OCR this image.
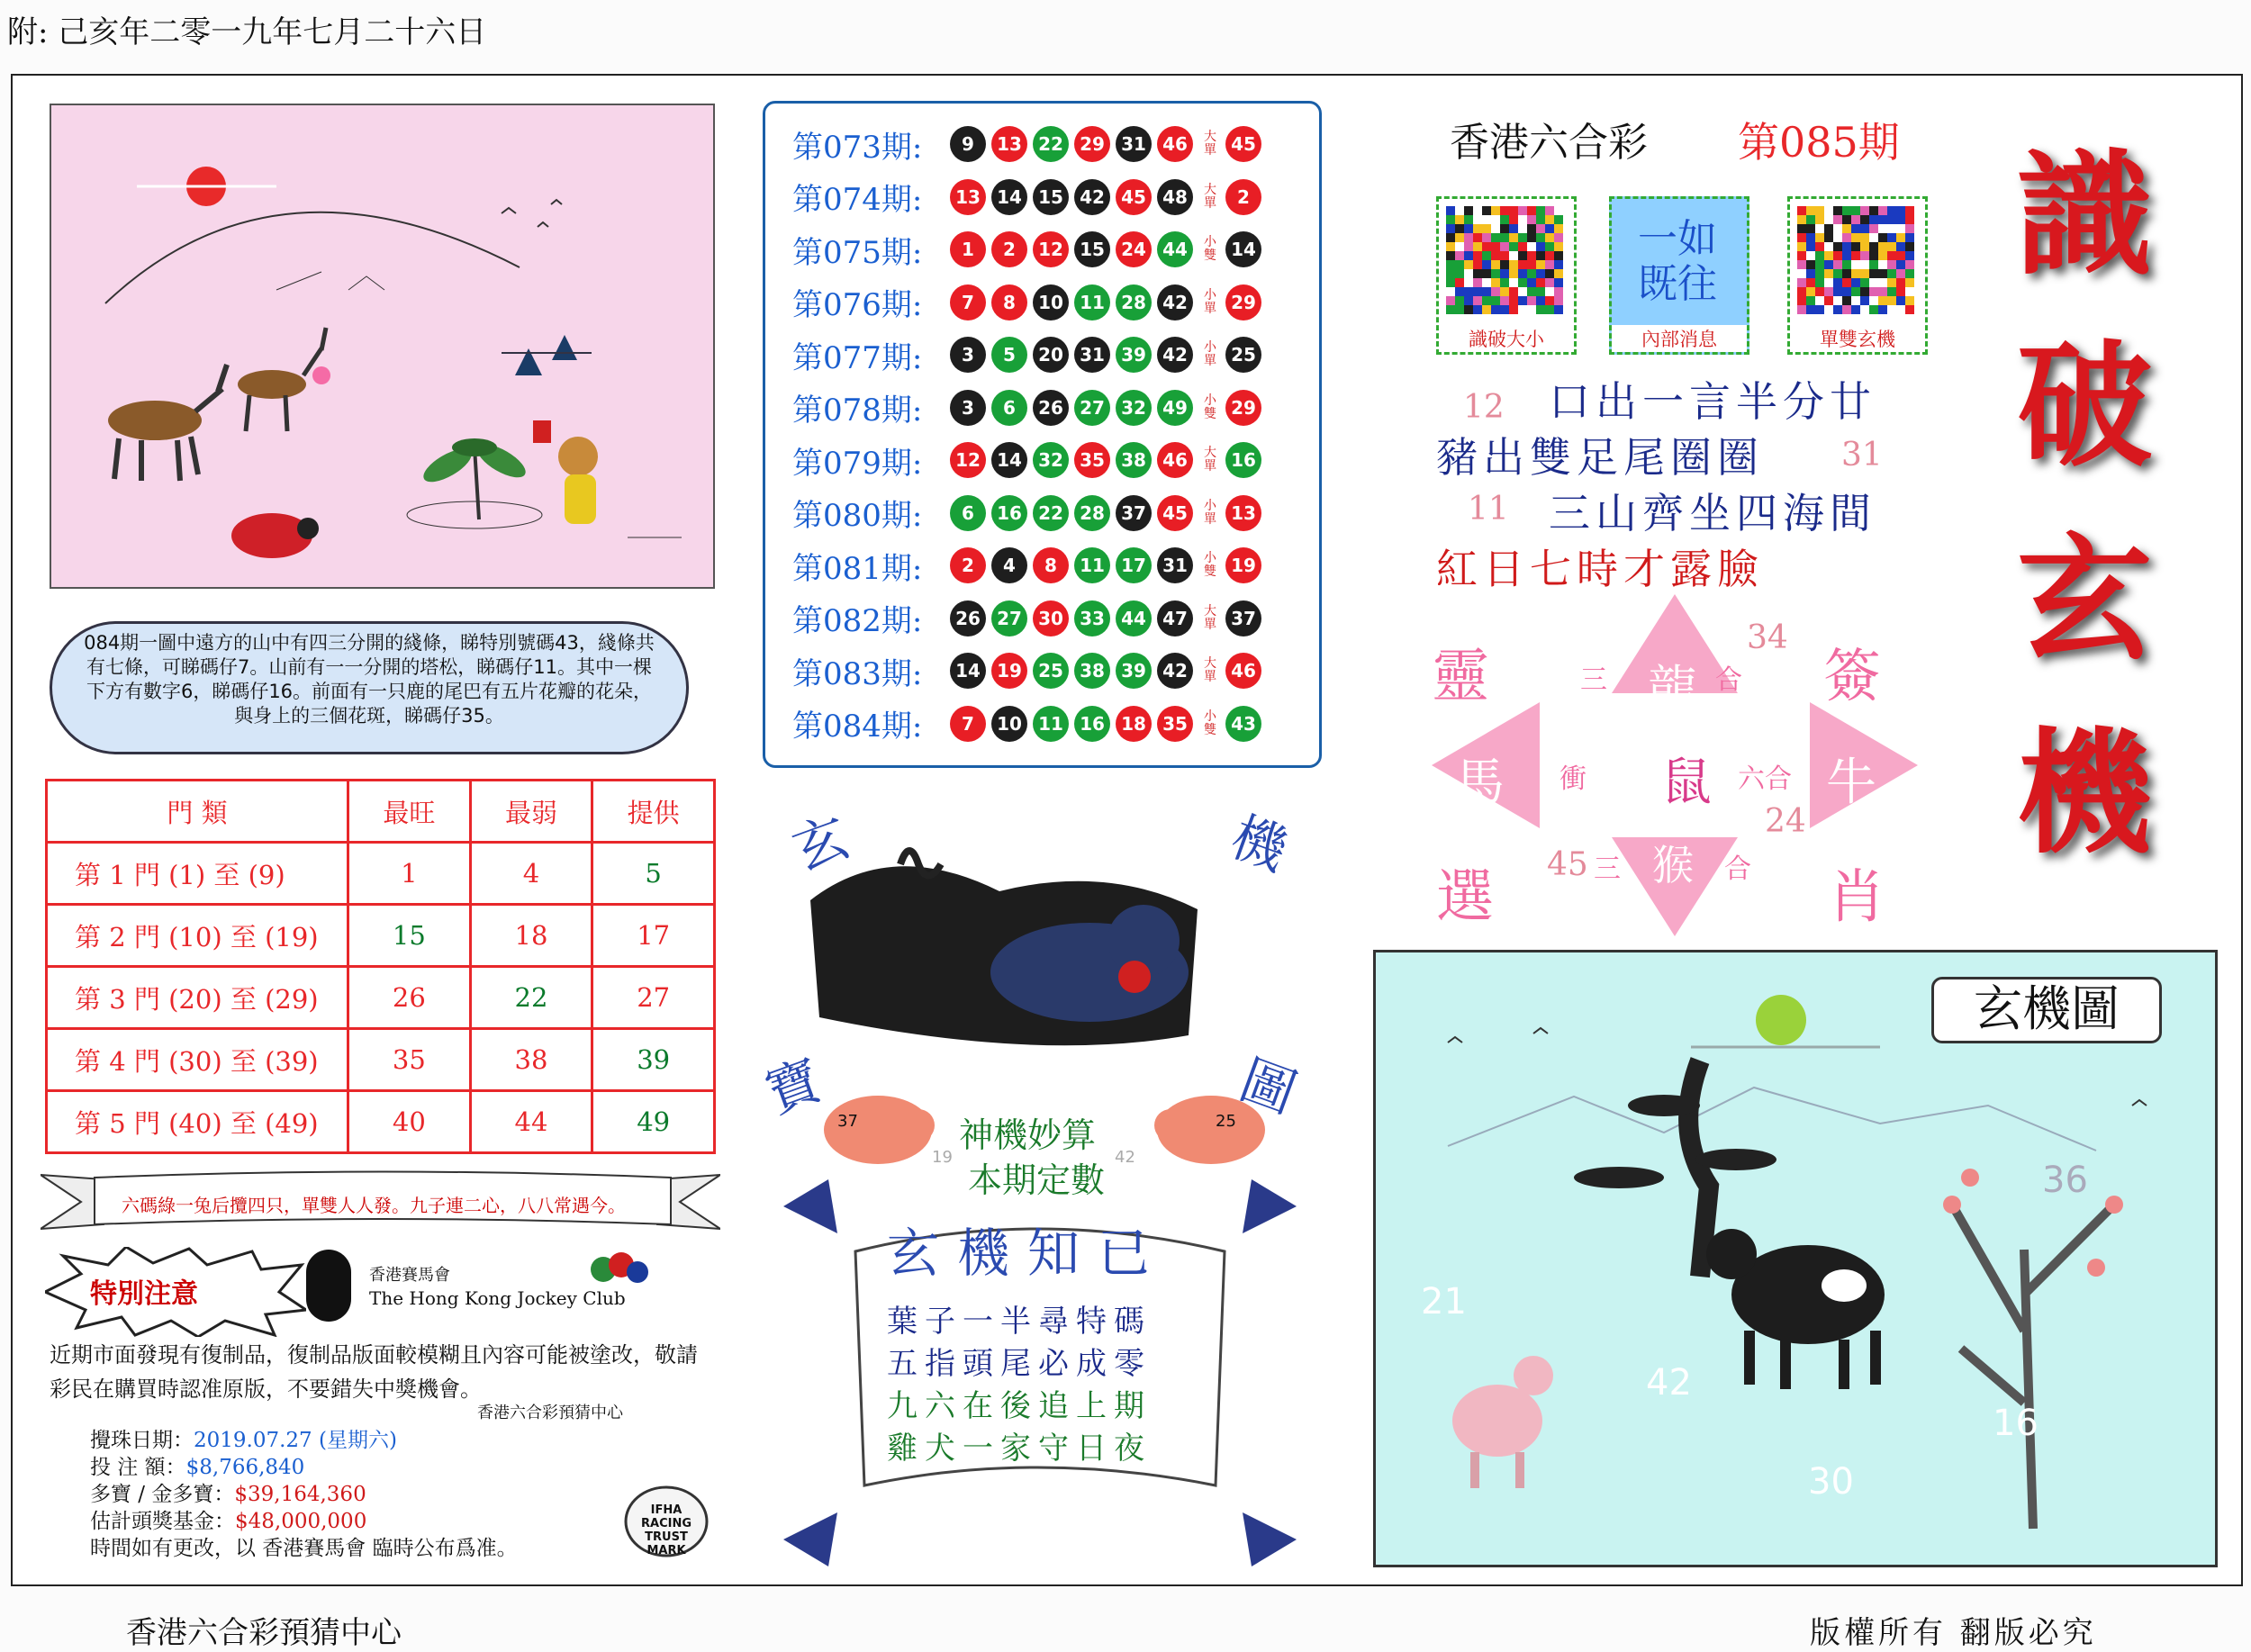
附: 己亥年二零一九年七月二十六日
084期一圖中遠方的山中有四三分開的綫條，睇特別號碼43，綫條共有七條，可睇碼仔7。山前有一一分開的塔松，睇碼仔11。其中一棵下方有數字6，睇碼仔16。前面有一只鹿的尾巴有五片花瓣的花朵，與身上的三個花斑，睇碼仔35。
門 類	最旺	最弱	提供
第 1 門 (1) 至 (9)	1	4	5
第 2 門 (10) 至 (19)	15	18	17
第 3 門 (20) 至 (29)	26	22	27
第 4 門 (30) 至 (39)	35	38	39
第 5 門 (40) 至 (49)	40	44	49
六碼綠一兔后攬四只，單雙人人發。九子連二心，八八常遇今。
特別注意
香港賽馬會
The Hong Kong Jockey Club
近期市面發現有復制品，復制品版面較模糊且內容可能被塗改，敬請彩民在購買時認准原版，不要錯失中獎機會。
香港六合彩預猜中心
攪珠日期：2019.07.27 (星期六)
投 注 額：$8,766,840
多寶 / 金多寶：$39,164,360
估計頭獎基金：$48,000,000
時間如有更改，以 香港賽馬會 臨時公布爲准。
IFHA RACING TRUST MARK
第073期:	9	13 22 29 31 46	大單 45
第074期:	13 14 15 42 45 48	大單	2
第075期:	1	2	12 15 24 44	小雙 14
第076期:	7	8	10 11 28 42	小單 29
第077期:	3	5	20 31 39 42	小單 25
第078期:	3	6	26 27 32 49	小雙 29
第079期:	12 14 32 35 38 46	大單 16
第080期:	6	16 22 28 37 45	小單 13
第081期:	2	4	8	11 17 31	小雙 19
第082期:	26 27 30 33 44 47	大單 37
第083期:	14 19 25 38 39 42	大單 46
第084期:	7	10 11 16 18 35	小雙 43
香港六合彩 第085期
識破大小
一如既往
內部消息	單雙玄機
口出一言半分廿
豬出雙足尾圈圈
三山齊坐四海間
紅日七時才露臉
12
31
11
識
破
玄
機
龍
鼠
馬	牛
猴
三	合
衝	六合
三	合
34
24
45
靈	簽
選	肖
玄	機
寶	圖
37	25
19	42
神機妙算
本期定數
玄機知已
葉子一半尋特碼
五指頭尾必成零
九六在後追上期
雞犬一家守日夜
36
21
42
16
30
玄機圖
香港六合彩預猜中心	版權所有 翻版必究
